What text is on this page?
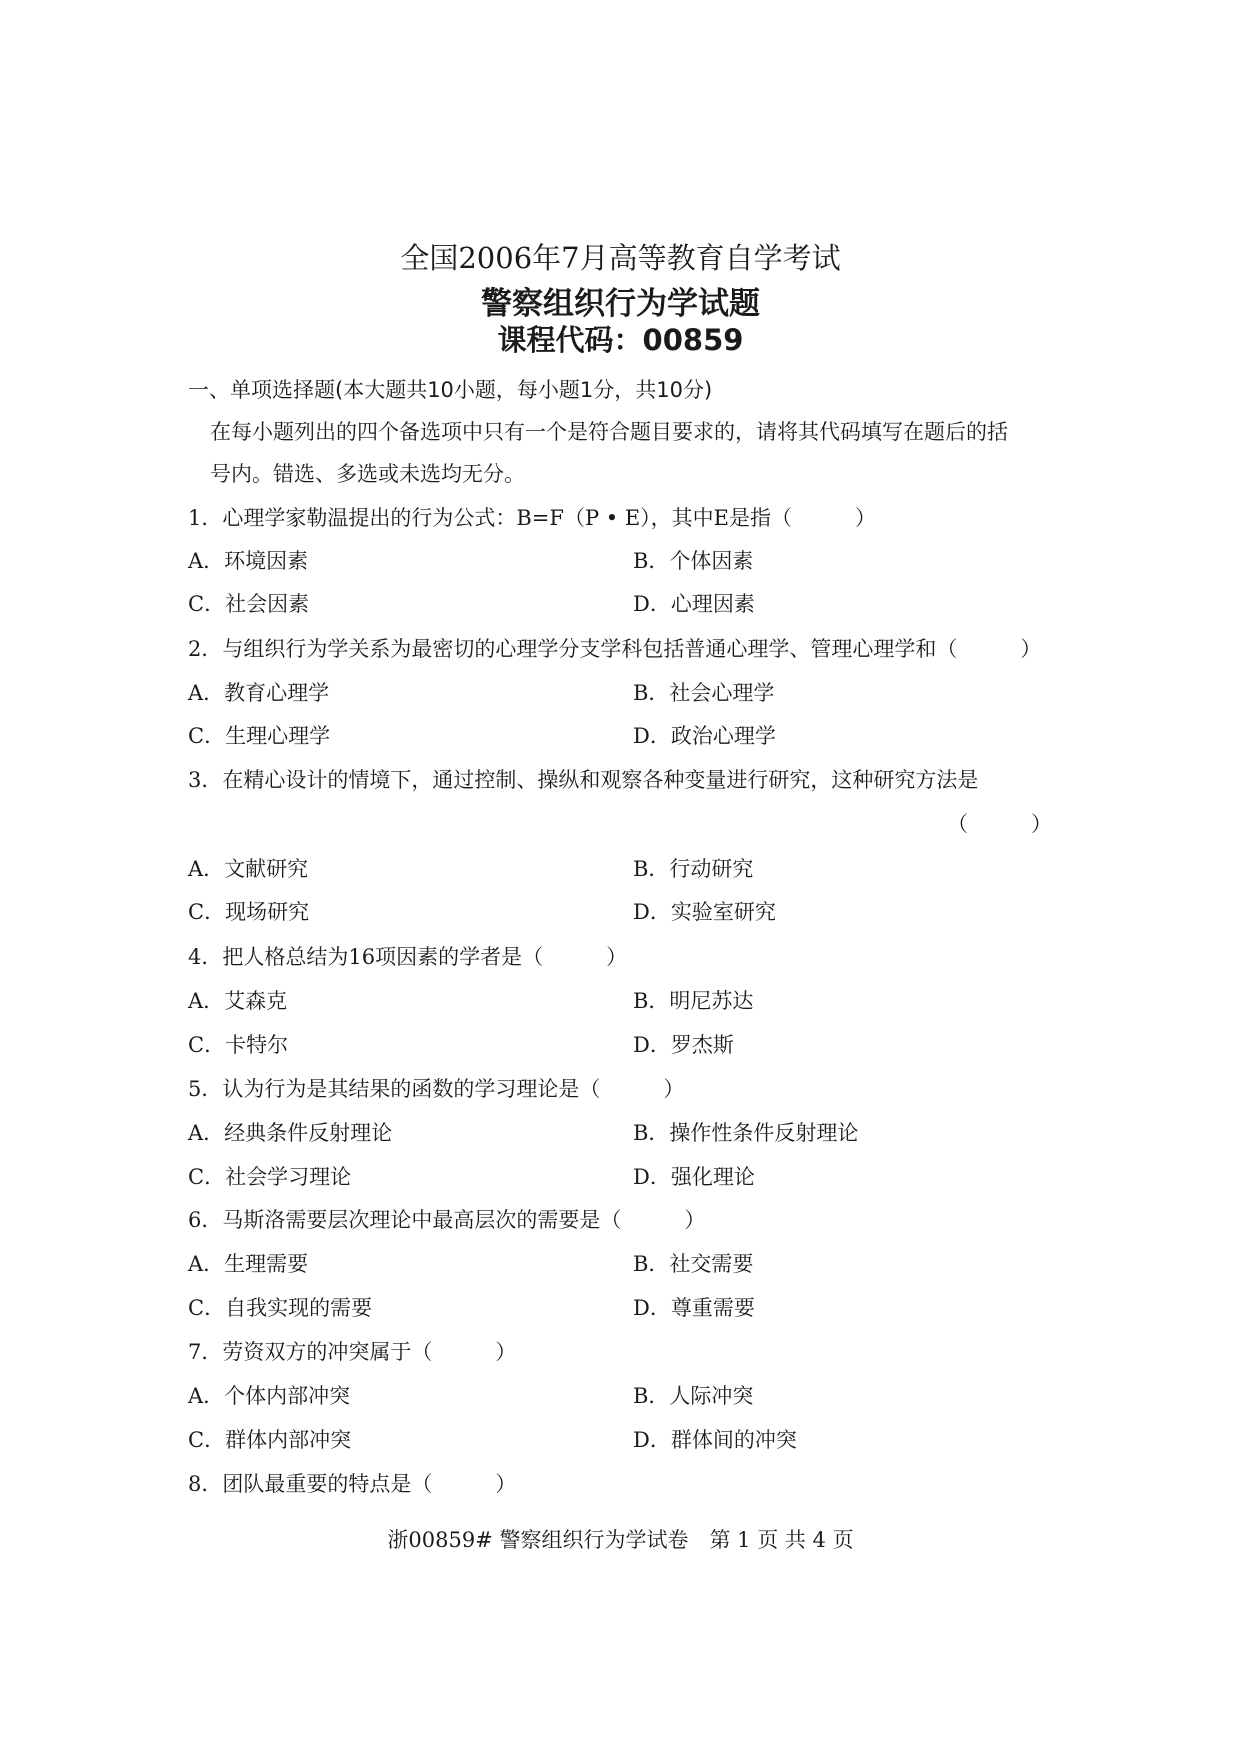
全国2006年7月高等教育自学考试
警察组织行为学试题
课程代码：00859
一、单项选择题(本大题共10小题，每小题1分，共10分)
在每小题列出的四个备选项中只有一个是符合题目要求的，请将其代码填写在题后的括
号内。错选、多选或未选均无分。
1．心理学家勒温提出的行为公式：B=F（P • E），其中E是指（　　　）
A．环境因素	B．个体因素
C．社会因素	D．心理因素
2．与组织行为学关系为最密切的心理学分支学科包括普通心理学、管理心理学和（　　　）
A．教育心理学	B．社会心理学
C．生理心理学	D．政治心理学
3．在精心设计的情境下，通过控制、操纵和观察各种变量进行研究，这种研究方法是
（　　　）
A．文献研究	B．行动研究
C．现场研究	D．实验室研究
4．把人格总结为16项因素的学者是（　　　）
A．艾森克	B．明尼苏达
C．卡特尔	D．罗杰斯
5．认为行为是其结果的函数的学习理论是（　　　）
A．经典条件反射理论	B．操作性条件反射理论
C．社会学习理论	D．强化理论
6．马斯洛需要层次理论中最高层次的需要是（　　　）
A．生理需要	B．社交需要
C．自我实现的需要	D．尊重需要
7．劳资双方的冲突属于（　　　）
A．个体内部冲突	B．人际冲突
C．群体内部冲突	D．群体间的冲突
8．团队最重要的特点是（　　　）
浙00859# 警察组织行为学试卷　第 1 页 共 4 页
